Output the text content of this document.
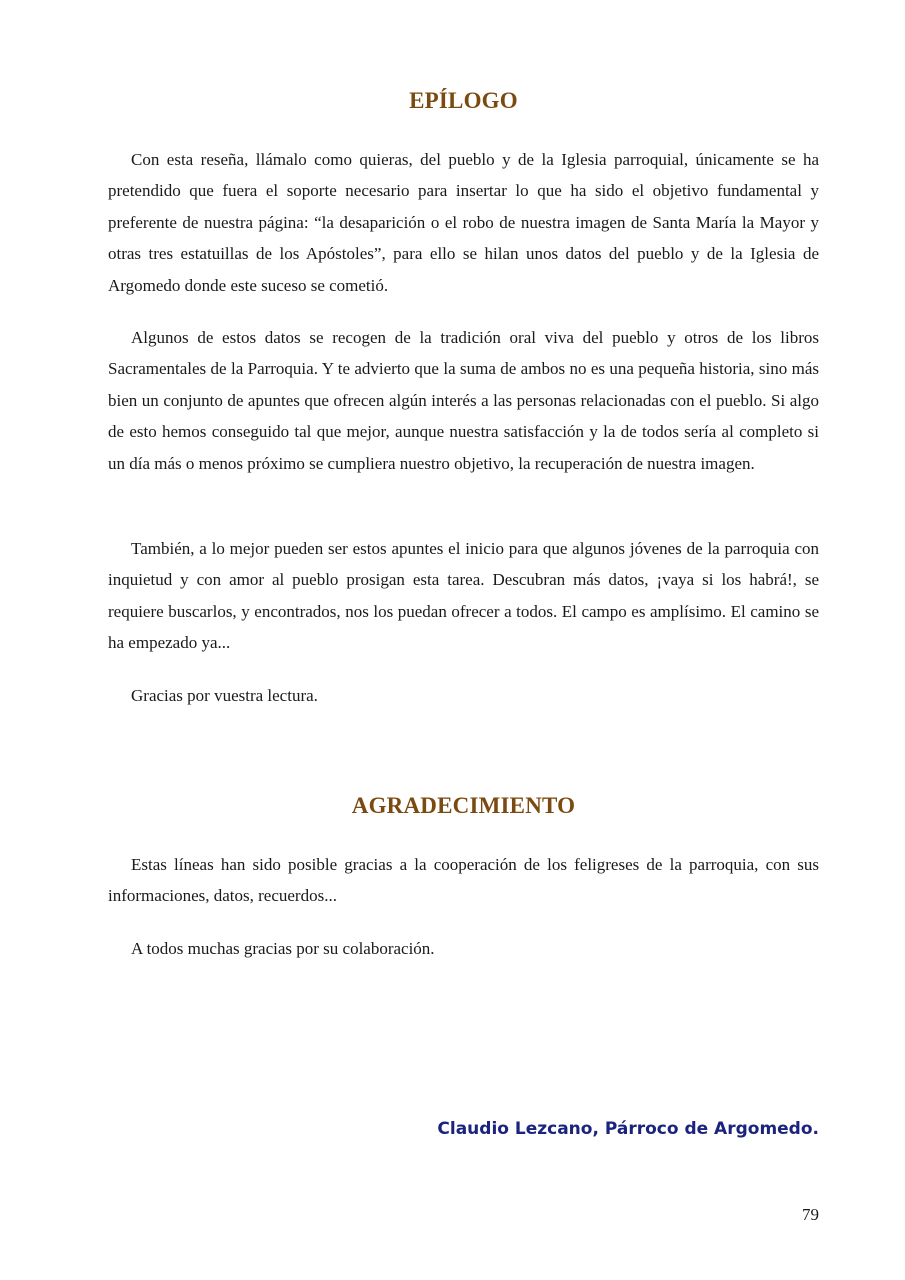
EPÍLOGO

Con esta reseña, llámalo como quieras, del pueblo y de la Iglesia parroquial, únicamente se ha pretendido que fuera el soporte necesario para insertar lo que ha sido el objetivo fundamental y preferente de nuestra página: “la desaparición o el robo de nuestra imagen de Santa María la Mayor y otras tres estatuillas de los Apóstoles”, para ello se hilan unos datos del pueblo y de la Iglesia de Argomedo donde este suceso se cometió.

Algunos de estos datos se recogen de la tradición oral viva del pueblo y otros de los libros Sacramentales de la Parroquia. Y te advierto que la suma de ambos no es una pequeña historia, sino más bien un conjunto de apuntes que ofrecen algún interés a las personas relacionadas con el pueblo. Si algo de esto hemos conseguido tal que mejor, aunque nuestra satisfacción y la de todos sería al completo si un día más o menos próximo se cumpliera nuestro objetivo, la recuperación de nuestra imagen.

También, a lo mejor pueden ser estos apuntes el inicio para que algunos jóvenes de la parroquia con inquietud y con amor al pueblo prosigan esta tarea. Descubran más datos, ¡vaya si los habrá!, se requiere buscarlos, y encontrados, nos los puedan ofrecer a todos. El campo es amplísimo. El camino se ha empezado ya...

Gracias por vuestra lectura.

AGRADECIMIENTO

Estas líneas han sido posible gracias a la cooperación de los feligreses de la parroquia, con sus informaciones, datos, recuerdos...

A todos muchas gracias por su colaboración.

Claudio Lezcano, Párroco de Argomedo.

79
